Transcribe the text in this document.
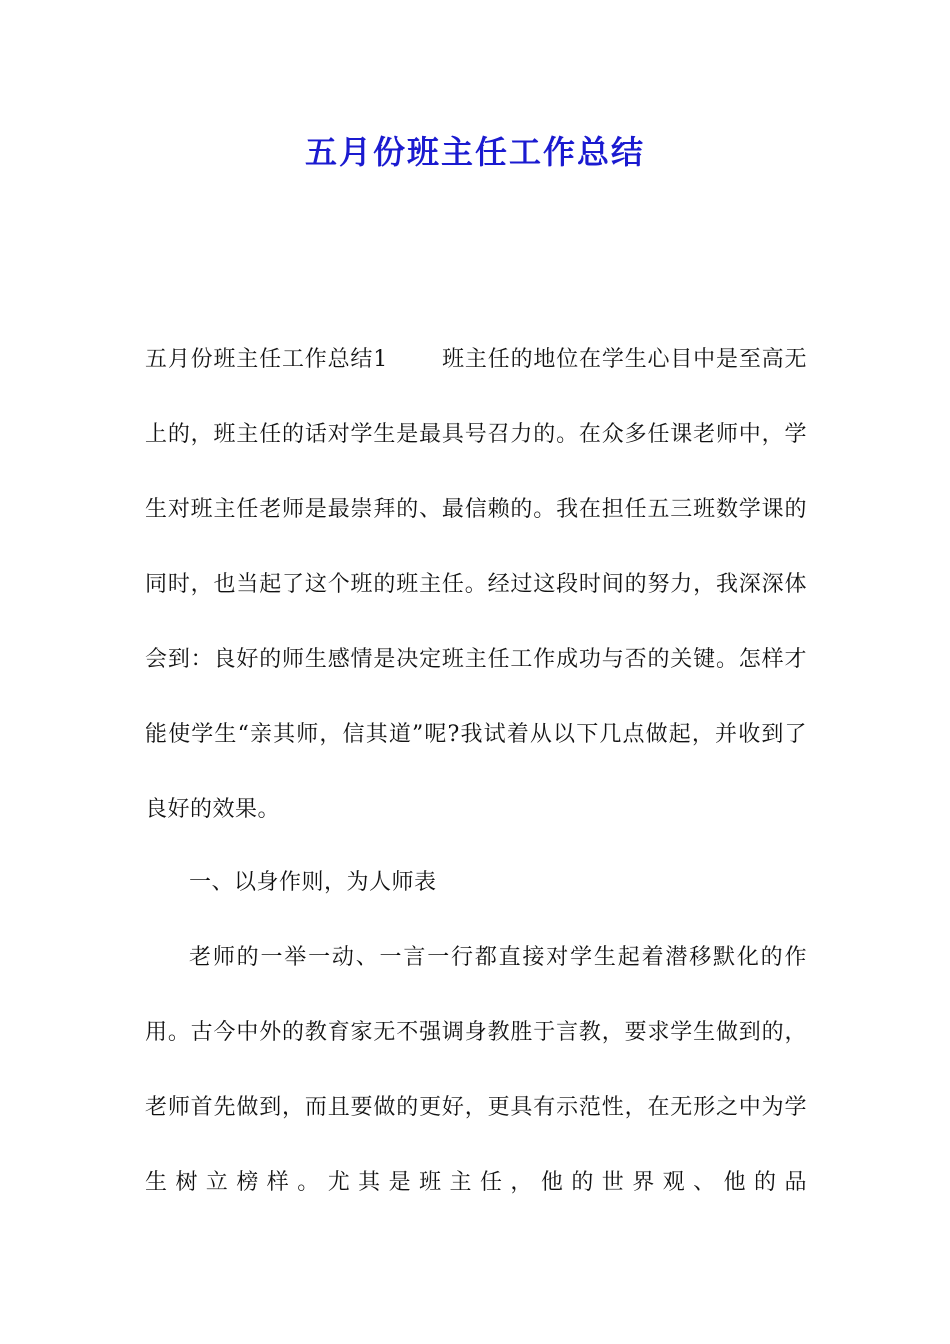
五月份班主任工作总结
五月份班主任工作总结1 班主任的地位在学生心目中是至高无上的，班主任的话对学生是最具号召力的。在众多任课老师中，学生对班主任老师是最崇拜的、最信赖的。我在担任五三班数学课的同时，也当起了这个班的班主任。经过这段时间的努力，我深深体会到：良好的师生感情是决定班主任工作成功与否的关键。怎样才能使学生“亲其师，信其道”呢?我试着从以下几点做起，并收到了良好的效果。
一、以身作则，为人师表
老师的一举一动、一言一行都直接对学生起着潜移默化的作用。古今中外的教育家无不强调身教胜于言教，要求学生做到的，老师首先做到，而且要做的更好，更具有示范性，在无形之中为学生树立榜样。尤其是班主任，他的世界观、他的品
